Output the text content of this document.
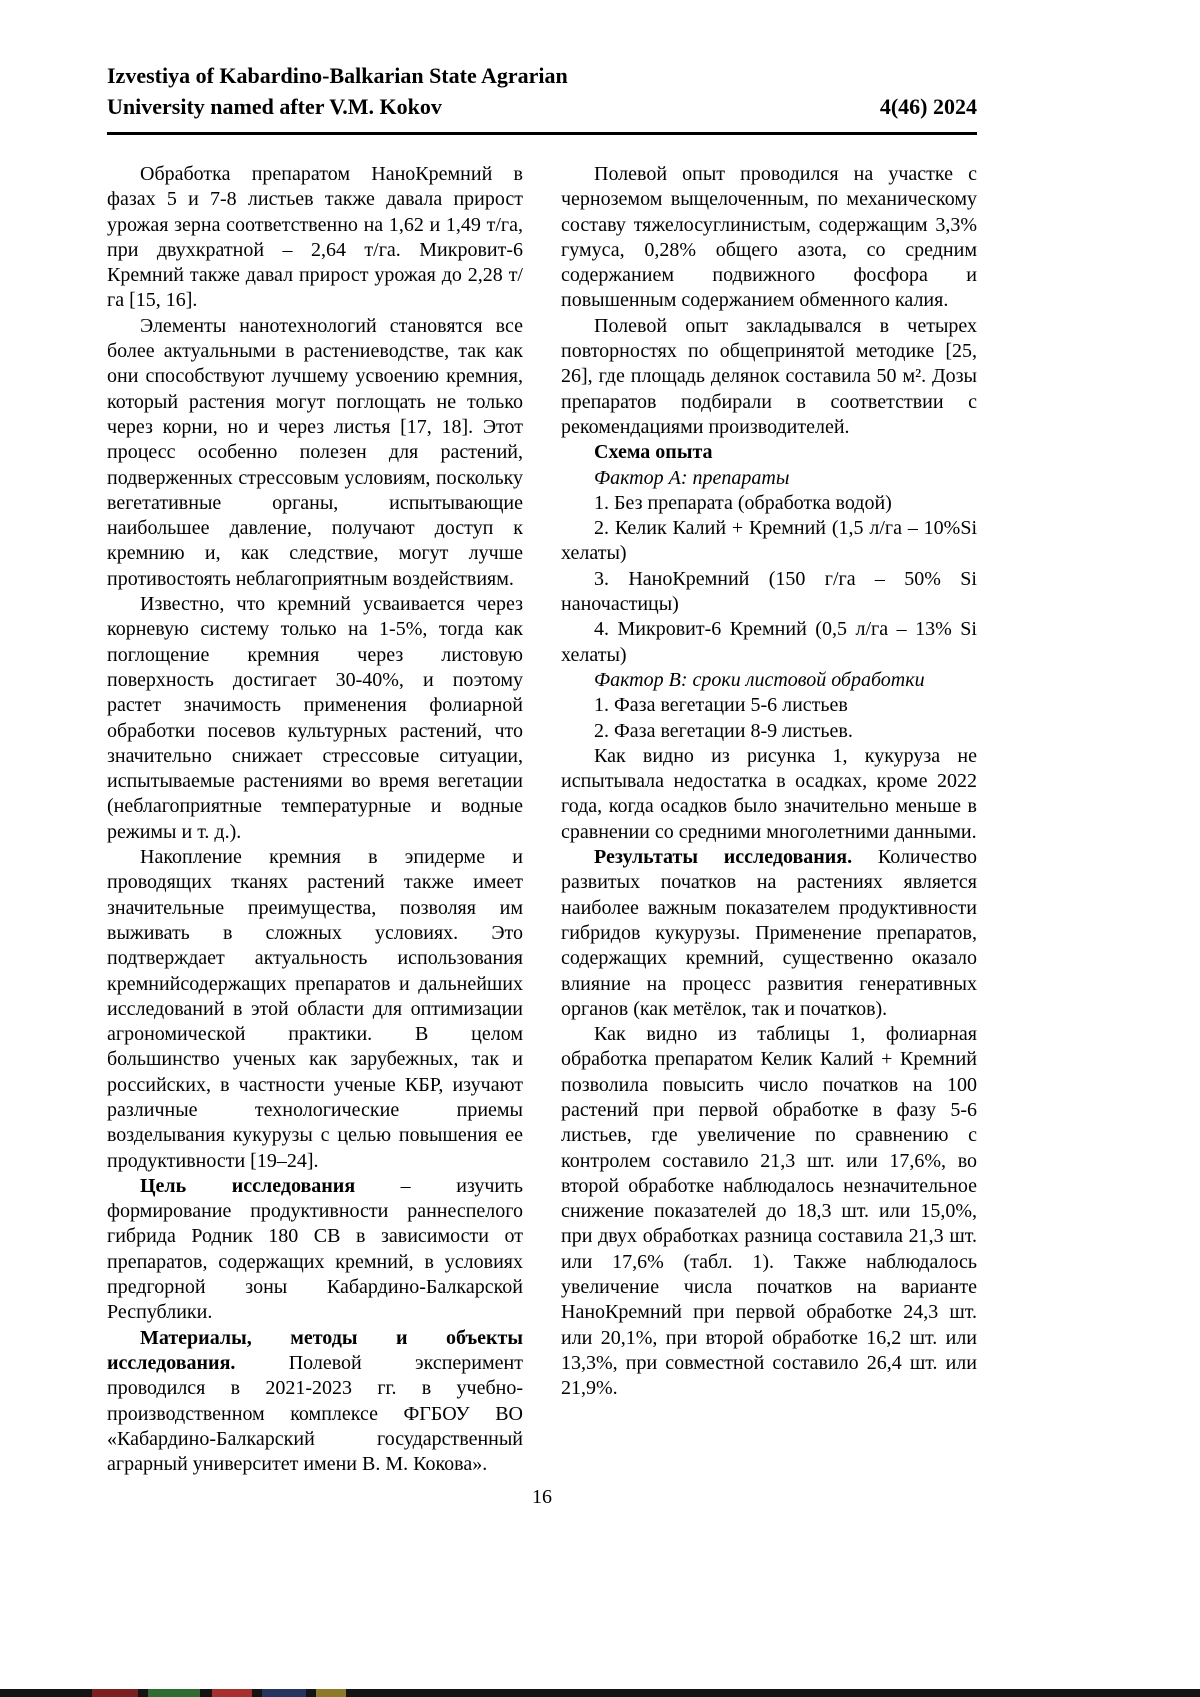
Izvestiya of Kabardino-Balkarian State Agrarian
University named after V.M. Kokov	4(46) 2024

Обработка препаратом НаноКремний в фазах 5 и 7-8 листьев также давала прирост урожая зерна соответственно на 1,62 и 1,49 т/га, при двухкратной – 2,64 т/га. Микровит-6 Кремний также давал прирост урожая до 2,28 т/га [15, 16].

Элементы нанотехнологий становятся все более актуальными в растениеводстве, так как они способствуют лучшему усвоению кремния, который растения могут поглощать не только через корни, но и через листья [17, 18]. Этот процесс особенно полезен для растений, подверженных стрессовым условиям, поскольку вегетативные органы, испытывающие наибольшее давление, получают доступ к кремнию и, как следствие, могут лучше противостоять неблагоприятным воздействиям.

Известно, что кремний усваивается через корневую систему только на 1-5%, тогда как поглощение кремния через листовую поверхность достигает 30-40%, и поэтому растет значимость применения фолиарной обработки посевов культурных растений, что значительно снижает стрессовые ситуации, испытываемые растениями во время вегетации (неблагоприятные температурные и водные режимы и т. д.).

Накопление кремния в эпидерме и проводящих тканях растений также имеет значительные преимущества, позволяя им выживать в сложных условиях. Это подтверждает актуальность использования кремнийсодержащих препаратов и дальнейших исследований в этой области для оптимизации агрономической практики. В целом большинство ученых как зарубежных, так и российских, в частности ученые КБР, изучают различные технологические приемы возделывания кукурузы с целью повышения ее продуктивности [19–24].

Цель исследования – изучить формирование продуктивности раннеспелого гибрида Родник 180 СВ в зависимости от препаратов, содержащих кремний, в условиях предгорной зоны Кабардино-Балкарской Республики.

Материалы, методы и объекты исследования. Полевой эксперимент проводился в 2021-2023 гг. в учебно-производственном комплексе ФГБОУ ВО «Кабардино-Балкарский государственный аграрный университет имени В. М. Кокова».

Полевой опыт проводился на участке с черноземом выщелоченным, по механическому составу тяжелосуглинистым, содержащим 3,3% гумуса, 0,28% общего азота, со средним содержанием подвижного фосфора и повышенным содержанием обменного калия.

Полевой опыт закладывался в четырех повторностях по общепринятой методике [25, 26], где площадь делянок составила 50 м². Дозы препаратов подбирали в соответствии с рекомендациями производителей.

Схема опыта

Фактор А: препараты

1. Без препарата (обработка водой)

2. Келик Калий + Кремний (1,5 л/га – 10%Si хелаты)

3. НаноКремний (150 г/га – 50% Si наночастицы)

4. Микровит-6 Кремний (0,5 л/га – 13% Si хелаты)

Фактор В: сроки листовой обработки

1. Фаза вегетации 5-6 листьев

2. Фаза вегетации 8-9 листьев.

Как видно из рисунка 1, кукуруза не испытывала недостатка в осадках, кроме 2022 года, когда осадков было значительно меньше в сравнении со средними многолетними данными.

Результаты исследования. Количество развитых початков на растениях является наиболее важным показателем продуктивности гибридов кукурузы. Применение препаратов, содержащих кремний, существенно оказало влияние на процесс развития генеративных органов (как метёлок, так и початков).

Как видно из таблицы 1, фолиарная обработка препаратом Келик Калий + Кремний позволила повысить число початков на 100 растений при первой обработке в фазу 5-6 листьев, где увеличение по сравнению с контролем составило 21,3 шт. или 17,6%, во второй обработке наблюдалось незначительное снижение показателей до 18,3 шт. или 15,0%, при двух обработках разница составила 21,3 шт. или 17,6% (табл. 1). Также наблюдалось увеличение числа початков на варианте НаноКремний при первой обработке 24,3 шт. или 20,1%, при второй обработке 16,2 шт. или 13,3%, при совместной составило 26,4 шт. или 21,9%.

16
